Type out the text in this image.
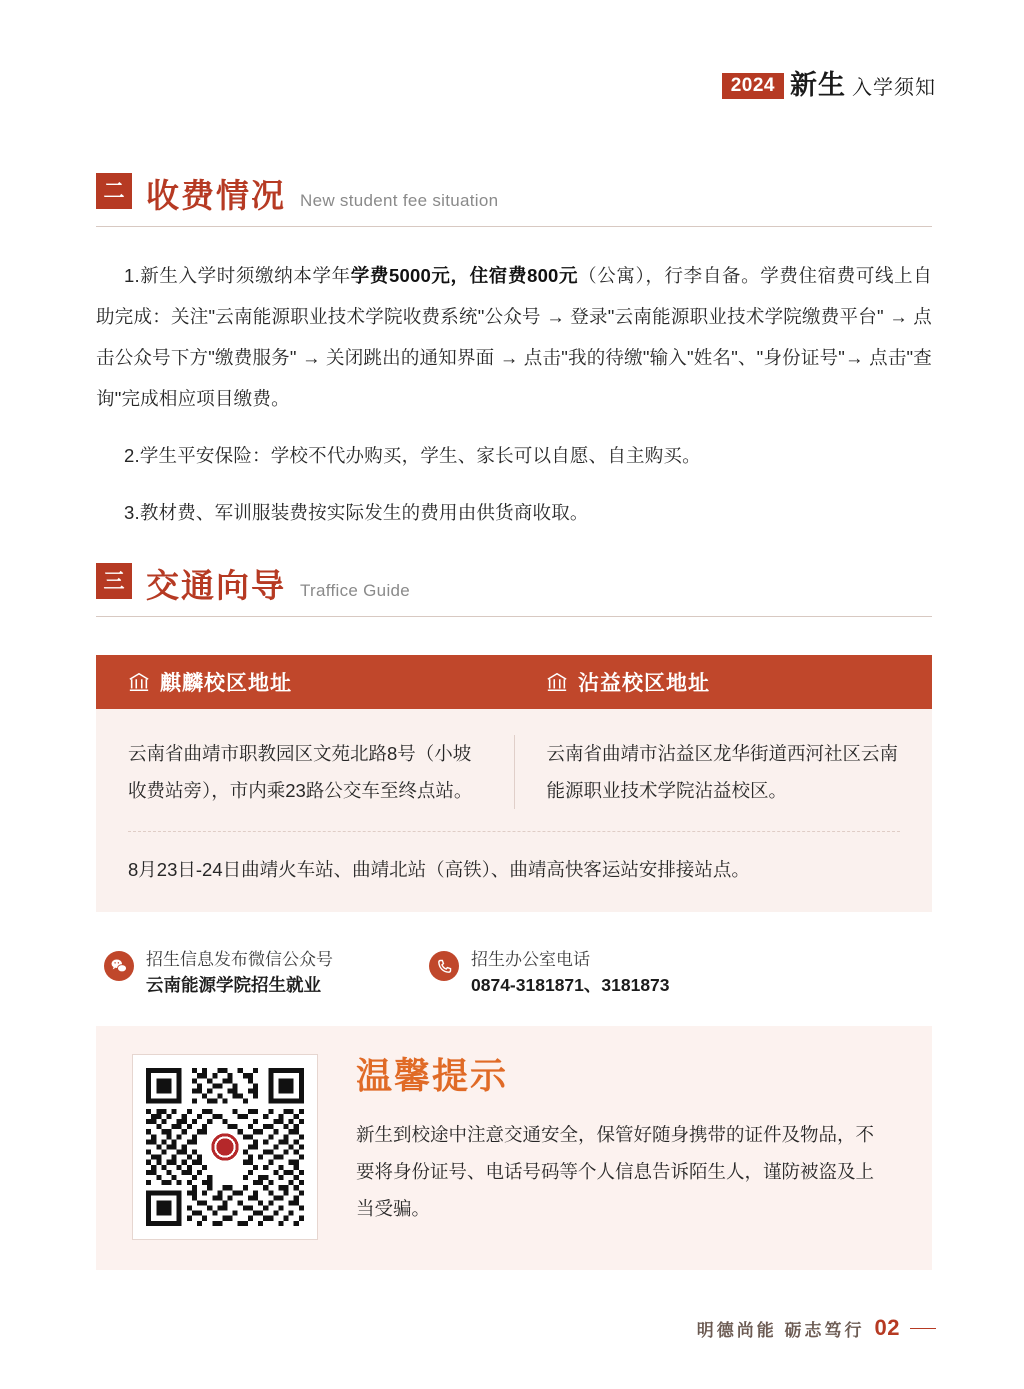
2024 新生 入学须知
二 收费情况 New student fee situation

1.新生入学时须缴纳本学年学费5000元，住宿费800元（公寓），行李自备。学费住宿费可线上自助完成：关注"云南能源职业技术学院收费系统"公众号 → 登录"云南能源职业技术学院缴费平台" → 点击公众号下方"缴费服务" → 关闭跳出的通知界面 → 点击"我的待缴"输入"姓名"、"身份证号"→ 点击"查询"完成相应项目缴费。

2.学生平安保险：学校不代办购买，学生、家长可以自愿、自主购买。

3.教材费、军训服装费按实际发生的费用由供货商收取。

三 交通向导 Traffice Guide
麒麟校区地址	沾益校区地址
云南省曲靖市职教园区文苑北路8号（小坡收费站旁），市内乘23路公交车至终点站。
云南省曲靖市沾益区龙华街道西河社区云南能源职业技术学院沾益校区。
8月23日-24日曲靖火车站、曲靖北站（高铁）、曲靖高快客运站安排接站点。
招生信息发布微信公众号
云南能源学院招生就业
招生办公室电话
0874-3181871、3181873
温馨提示
新生到校途中注意交通安全，保管好随身携带的证件及物品，不要将身份证号、电话号码等个人信息告诉陌生人，谨防被盗及上当受骗。
明德尚能 砺志笃行 02
